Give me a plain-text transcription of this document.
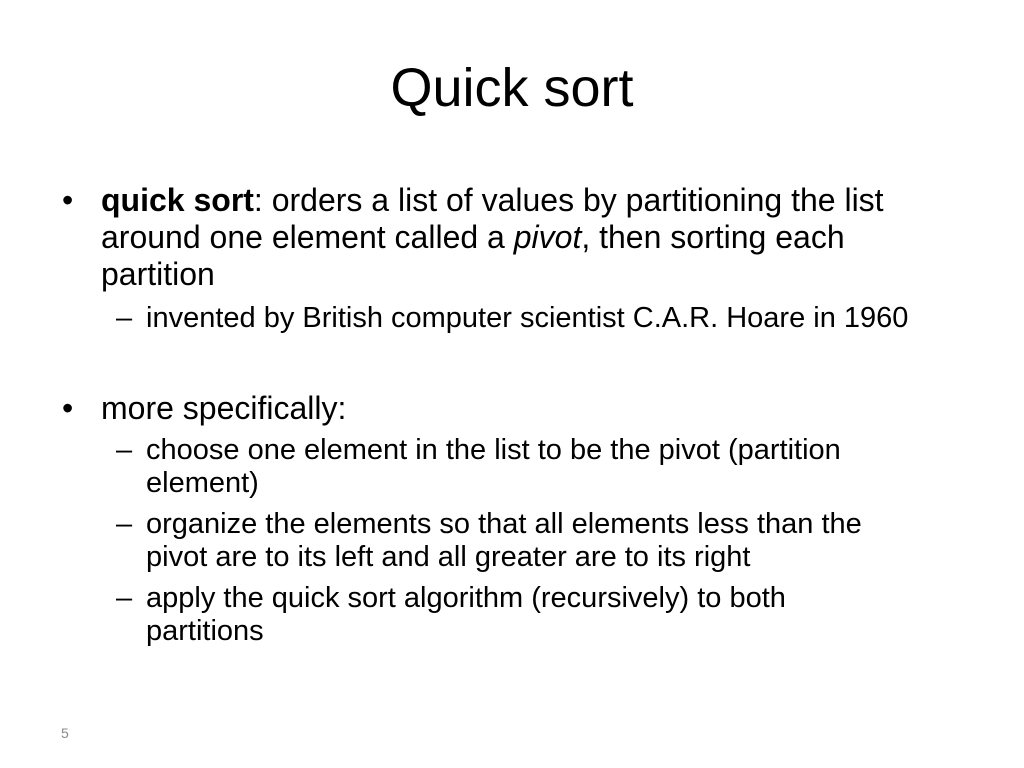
Quick sort
• quick sort: orders a list of values by partitioning the list
around one element called a pivot, then sorting each
partition
– invented by British computer scientist C.A.R. Hoare in 1960
• more specifically:
– choose one element in the list to be the pivot (partition
element)
– organize the elements so that all elements less than the
pivot are to its left and all greater are to its right
– apply the quick sort algorithm (recursively) to both
partitions
5
